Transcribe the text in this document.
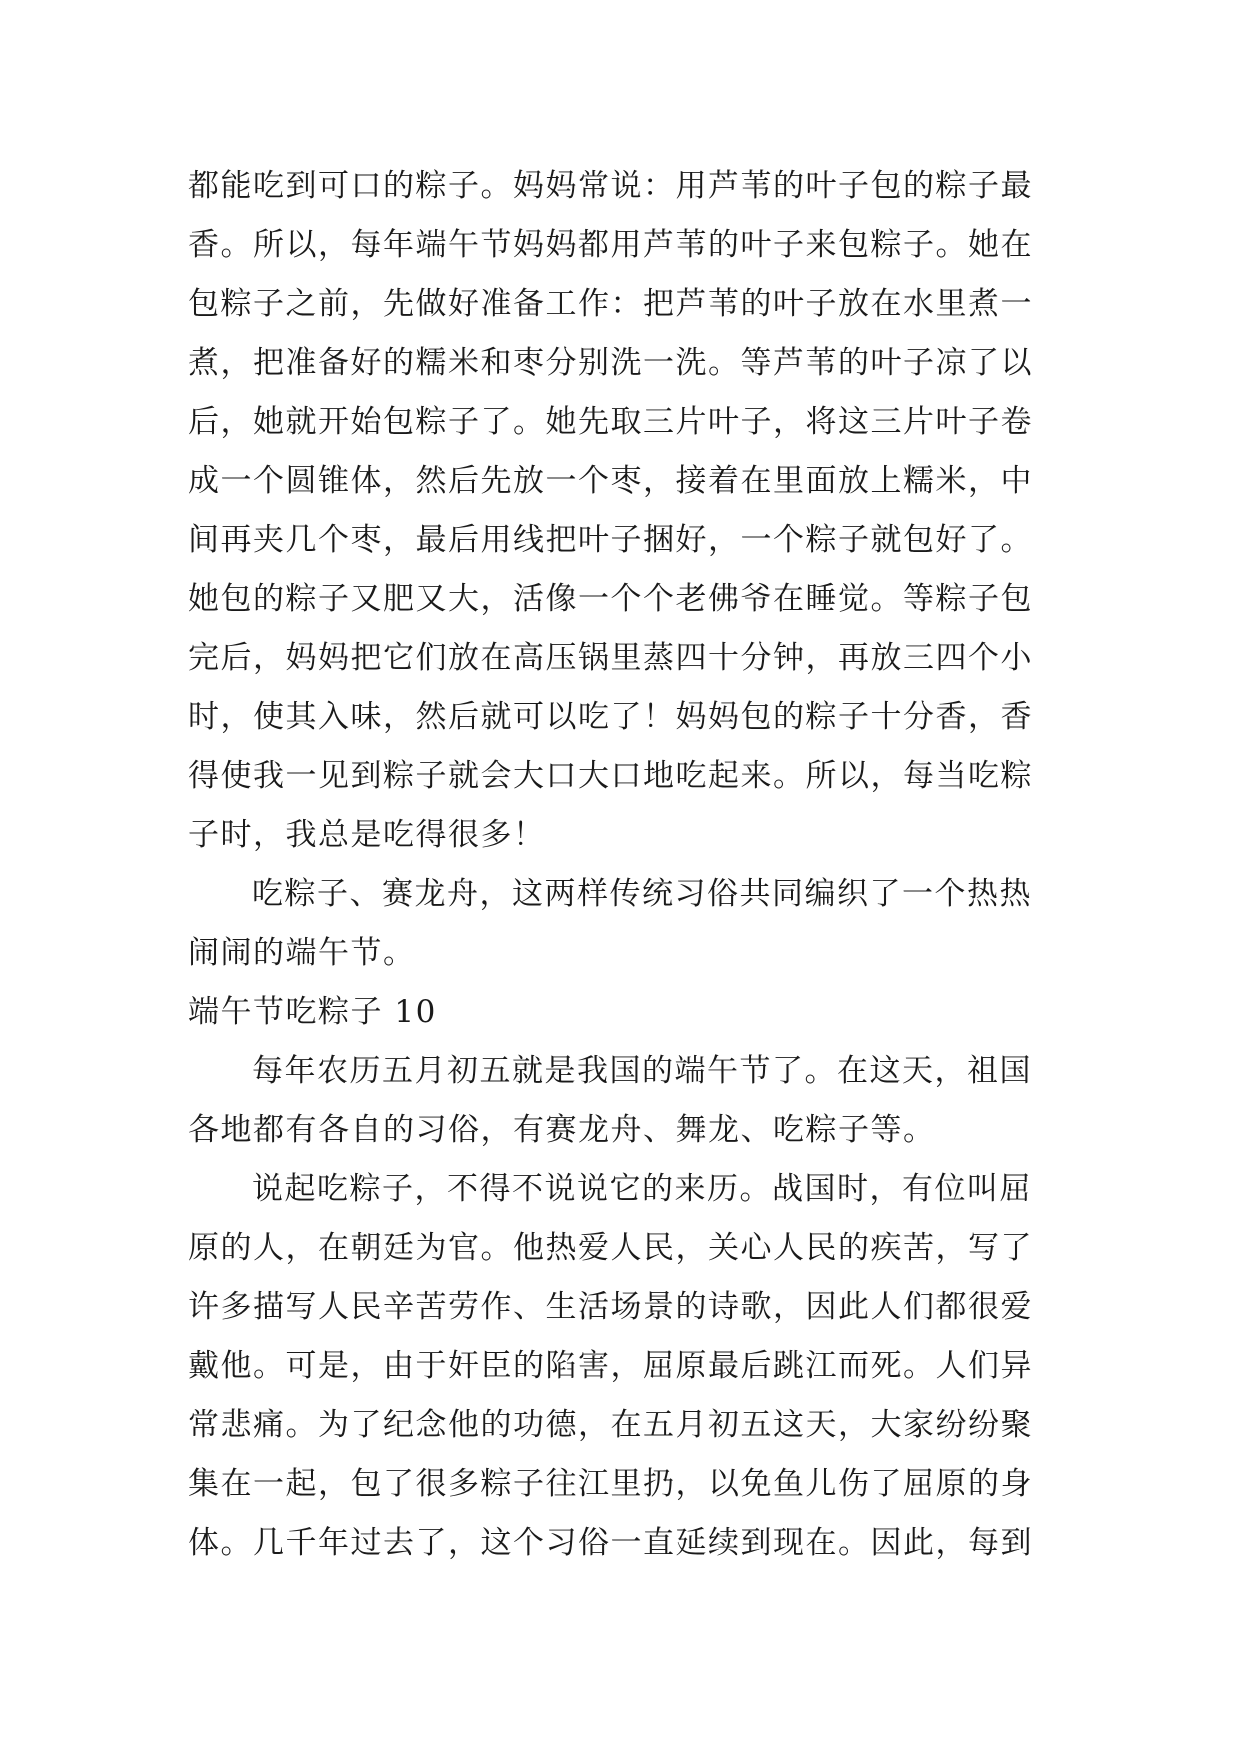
都能吃到可口的粽子。妈妈常说：用芦苇的叶子包的粽子最
香。所以，每年端午节妈妈都用芦苇的叶子来包粽子。她在
包粽子之前，先做好准备工作：把芦苇的叶子放在水里煮一
煮，把准备好的糯米和枣分别洗一洗。等芦苇的叶子凉了以
后，她就开始包粽子了。她先取三片叶子，将这三片叶子卷
成一个圆锥体，然后先放一个枣，接着在里面放上糯米，中
间再夹几个枣，最后用线把叶子捆好，一个粽子就包好了。
她包的粽子又肥又大，活像一个个老佛爷在睡觉。等粽子包
完后，妈妈把它们放在高压锅里蒸四十分钟，再放三四个小
时，使其入味，然后就可以吃了！妈妈包的粽子十分香，香
得使我一见到粽子就会大口大口地吃起来。所以，每当吃粽
子时，我总是吃得很多！
吃粽子、赛龙舟，这两样传统习俗共同编织了一个热热
闹闹的端午节。
端午节吃粽子 10
每年农历五月初五就是我国的端午节了。在这天，祖国
各地都有各自的习俗，有赛龙舟、舞龙、吃粽子等。
说起吃粽子，不得不说说它的来历。战国时，有位叫屈
原的人，在朝廷为官。他热爱人民，关心人民的疾苦，写了
许多描写人民辛苦劳作、生活场景的诗歌，因此人们都很爱
戴他。可是，由于奸臣的陷害，屈原最后跳江而死。人们异
常悲痛。为了纪念他的功德，在五月初五这天，大家纷纷聚
集在一起，包了很多粽子往江里扔，以免鱼儿伤了屈原的身
体。几千年过去了，这个习俗一直延续到现在。因此，每到
